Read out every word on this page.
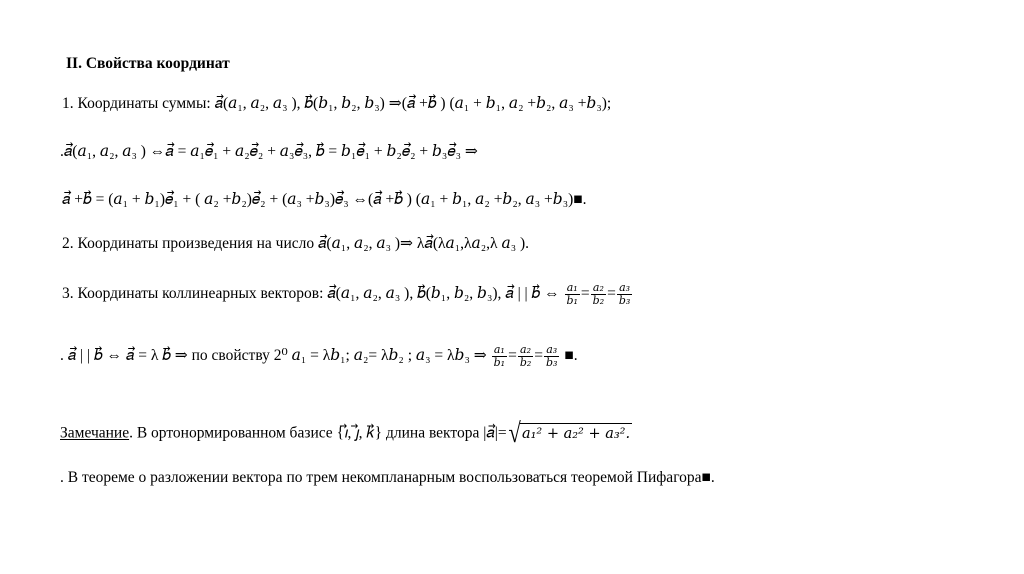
II. Свойства координат
1. Координаты суммы: 𝑎⃗(𝑎₁, 𝑎₂, 𝑎₃ ), 𝑏⃗(𝑏₁, 𝑏₂, 𝑏₃) ⇒(𝑎⃗ +𝑏⃗ ) (𝑎₁ + 𝑏₁, 𝑎₂ +𝑏₂, 𝑎₃ +𝑏₃);
.𝑎⃗(𝑎₁, 𝑎₂, 𝑎₃ ) ⇔𝑎⃗ = 𝑎₁𝑒⃗₁ + 𝑎₂𝑒⃗₂ + 𝑎₃𝑒⃗₃, 𝑏⃗ = 𝑏₁𝑒⃗₁ + 𝑏₂𝑒⃗₂ + 𝑏₃𝑒⃗₃ ⇒
𝑎⃗ +𝑏⃗ = (𝑎₁ + 𝑏₁)𝑒⃗₁ + ( 𝑎₂ +𝑏₂)𝑒⃗₂ + (𝑎₃ +𝑏₃)𝑒⃗₃ ⇔(𝑎⃗ +𝑏⃗ ) (𝑎₁ + 𝑏₁, 𝑎₂ +𝑏₂, 𝑎₃ +𝑏₃)■.
2. Координаты произведения на число 𝑎⃗(𝑎₁, 𝑎₂, 𝑎₃ )⇒ λ𝑎⃗(λ𝑎₁,λ𝑎₂,λ 𝑎₃ ).
3. Координаты коллинеарных векторов: 𝑎⃗(𝑎₁, 𝑎₂, 𝑎₃ ), 𝑏⃗(𝑏₁, 𝑏₂, 𝑏₃), 𝑎⃗ | | 𝑏⃗ ⇔ $\frac{\text{a₁}}{\text{b₁}} = \frac{\text{a₂}}{\text{b₂}} = \frac{\text{a₃}}{\text{b₃}}$
. 𝑎⃗ | | 𝑏⃗ ⇔ 𝑎⃗ = λ 𝑏⃗ ⇒ по свойству 2⁰ 𝑎₁ = λ𝑏₁; 𝑎₂= λ𝑏₂ ; 𝑎₃ = λ𝑏₃ ⇒ $\frac{\text{a₁}}{\text{b₁}} = \frac{\text{a₂}}{\text{b₂}} = \frac{\text{a₃}}{\text{b₃}}$ ■.
Замечание. В ортонормированном базисе {𝚤⃗, 𝚥⃗, 𝑘⃗} длина вектора |𝑎⃗|=√ 𝑎₁² + 𝑎₂² + 𝑎₃².
. В теореме о разложении вектора по трем некомпланарным воспользоваться теоремой Пифагора■.
